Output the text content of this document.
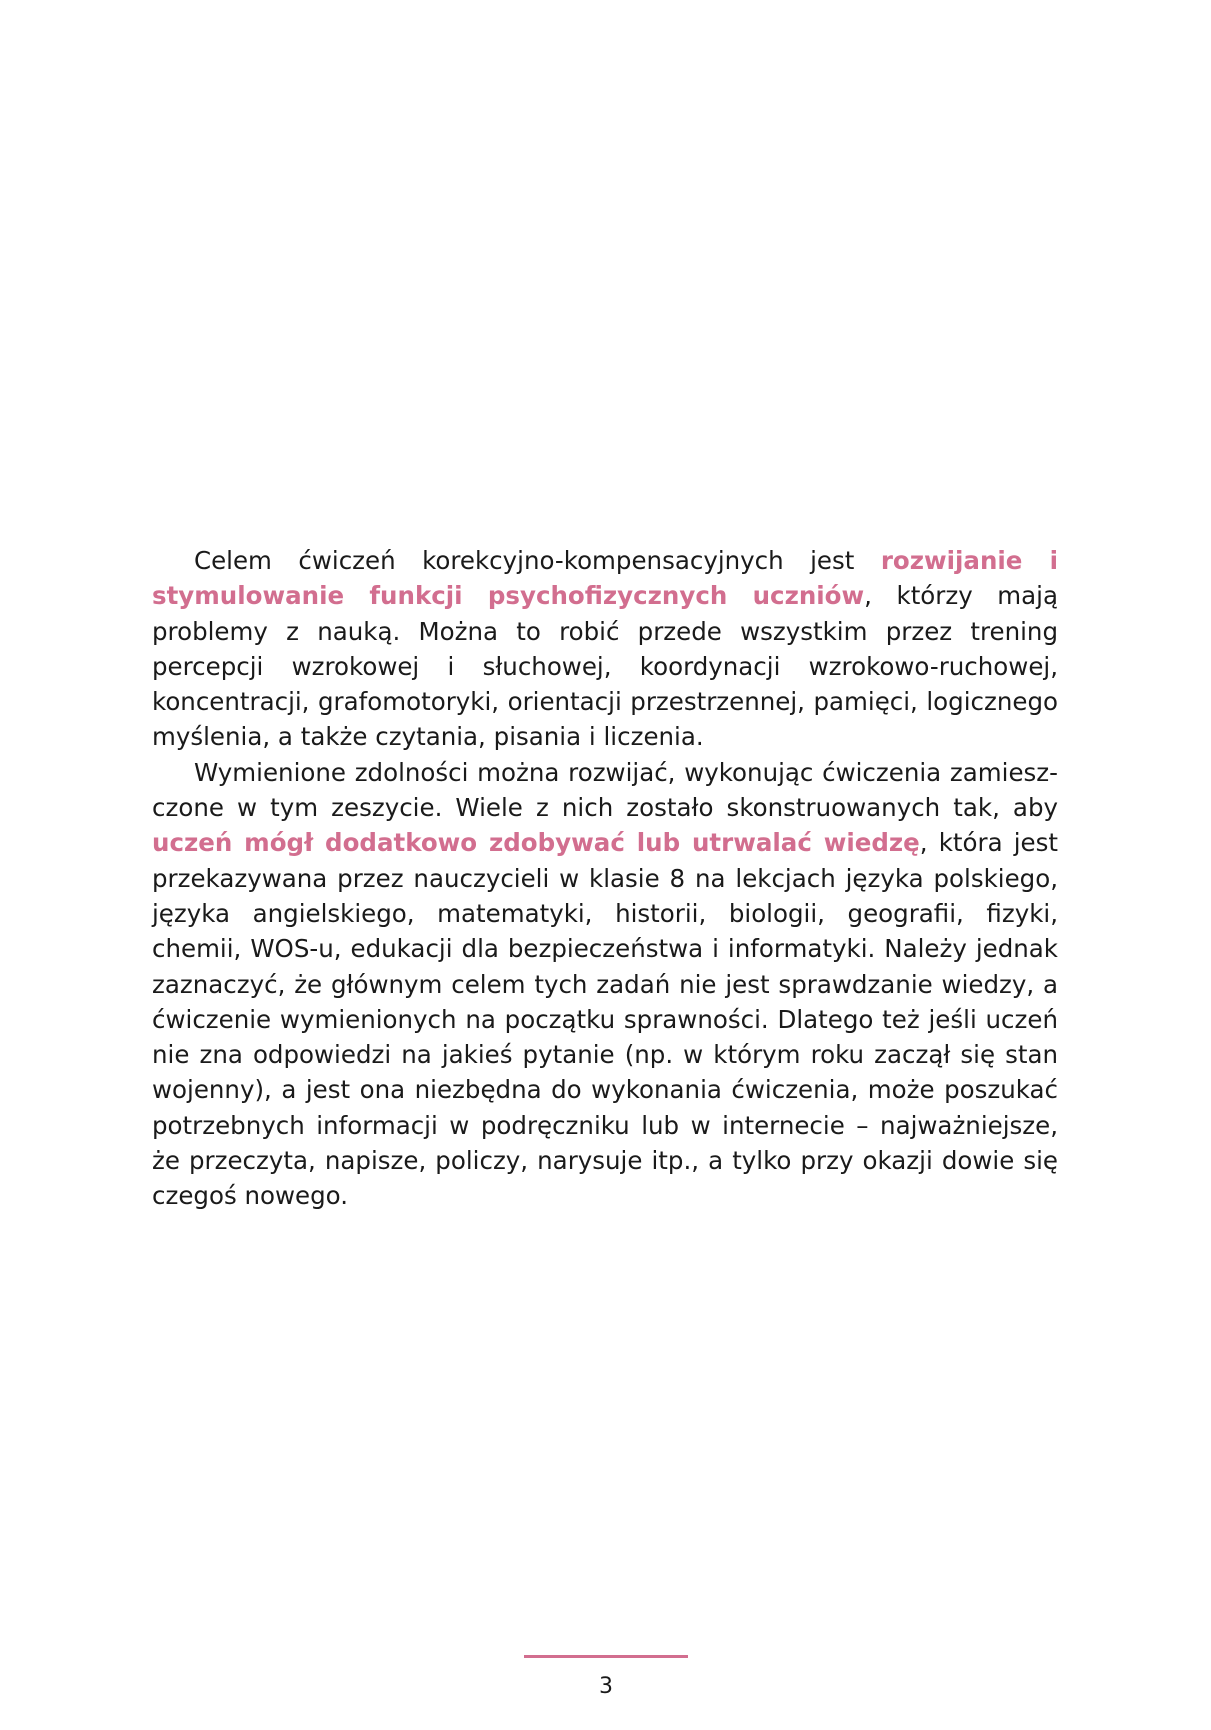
Celem ćwiczeń korekcyjno-kompensacyjnych jest rozwijanie i stymulowanie funkcji psychofizycznych uczniów, którzy mają problemy z nauką. Można to robić przede wszystkim przez trening percepcji wzrokowej i słuchowej, koordynacji wzrokowo-ruchowej, koncentracji, grafomotoryki, orientacji przestrzennej, pamięci, logicznego myślenia, a także czytania, pisania i liczenia.

Wymienione zdolności można rozwijać, wykonując ćwiczenia zamieszczone w tym zeszycie. Wiele z nich zostało skonstruowanych tak, aby uczeń mógł dodatkowo zdobywać lub utrwalać wiedzę, która jest przekazywana przez nauczycieli w klasie 8 na lekcjach języka polskiego, języka angielskiego, matematyki, historii, biologii, geografii, fizyki, chemii, WOS-u, edukacji dla bezpieczeństwa i informatyki. Należy jednak zaznaczyć, że głównym celem tych zadań nie jest sprawdzanie wiedzy, a ćwiczenie wymienionych na początku sprawności. Dlatego też jeśli uczeń nie zna odpowiedzi na jakieś pytanie (np. w którym roku zaczął się stan wojenny), a jest ona niezbędna do wykonania ćwiczenia, może poszukać potrzebnych informacji w podręczniku lub w internecie – najważniejsze, że przeczyta, napisze, policzy, narysuje itp., a tylko przy okazji dowie się czegoś nowego.

3
